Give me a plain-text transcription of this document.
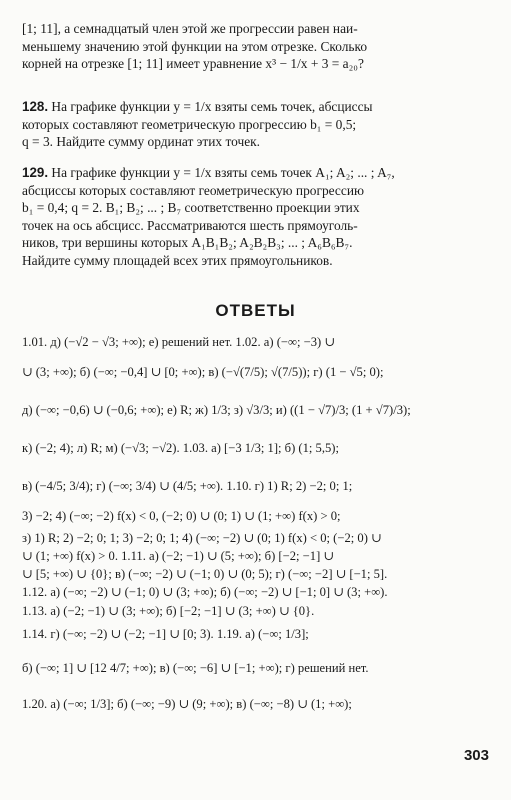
[1; 11], а семнадцатый член этой же прогрессии равен наи-
меньшему значению этой функции на этом отрезке. Сколько
корней на отрезке [1; 11] имеет уравнение x³ − 1/x + 3 = a₂₀?

128. На графике функции y = 1/x взяты семь точек, абсциссы
которых составляют геометрическую прогрессию b₁ = 0,5;
q = 3. Найдите сумму ординат этих точек.

129. На графике функции y = 1/x взяты семь точек A₁; A₂; ... ; A₇,
абсциссы которых составляют геометрическую прогрессию
b₁ = 0,4; q = 2. B₁; B₂; ... ; B₇ соответственно проекции этих
точек на ось абсцисс. Рассматриваются шесть прямоуголь-
ников, три вершины которых A₁B₁B₂; A₂B₂B₃; ... ; A₆B₆B₇.
Найдите сумму площадей всех этих прямоугольников.

ОТВЕТЫ

1.01. д) (−√2 − √3; +∞); е) решений нет. 1.02. а) (−∞; −3) ∪

∪ (3; +∞); б) (−∞; −0,4] ∪ [0; +∞); в) (−√(7/5); √(7/5)); г) (1 − √5; 0);

д) (−∞; −0,6) ∪ (−0,6; +∞); е) R; ж) 1/3; з) √3/3; и) ((1 − √7)/3; (1 + √7)/3);

к) (−2; 4); л) R; м) (−√3; −√2). 1.03. а) [−3 1/3; 1]; б) (1; 5,5);

в) (−4/5; 3/4); г) (−∞; 3/4) ∪ (4/5; +∞). 1.10. г) 1) R; 2) −2; 0; 1;

3) −2; 4) (−∞; −2) f(x) < 0, (−2; 0) ∪ (0; 1) ∪ (1; +∞) f(x) > 0;

з) 1) R; 2) −2; 0; 1; 3) −2; 0; 1; 4) (−∞; −2) ∪ (0; 1) f(x) < 0; (−2; 0) ∪

∪ (1; +∞) f(x) > 0. 1.11. а) (−2; −1) ∪ (5; +∞); б) [−2; −1] ∪

∪ [5; +∞) ∪ {0}; в) (−∞; −2) ∪ (−1; 0) ∪ (0; 5); г) (−∞; −2] ∪ [−1; 5].

1.12. а) (−∞; −2) ∪ (−1; 0) ∪ (3; +∞); б) (−∞; −2) ∪ [−1; 0] ∪ (3; +∞).

1.13. а) (−2; −1) ∪ (3; +∞); б) [−2; −1] ∪ (3; +∞) ∪ {0}.

1.14. г) (−∞; −2) ∪ (−2; −1] ∪ [0; 3). 1.19. а) (−∞; 1/3];

б) (−∞; 1] ∪ [12 4/7; +∞); в) (−∞; −6] ∪ [−1; +∞); г) решений нет.

1.20. а) (−∞; 1/3]; б) (−∞; −9) ∪ (9; +∞); в) (−∞; −8) ∪ (1; +∞);

303
